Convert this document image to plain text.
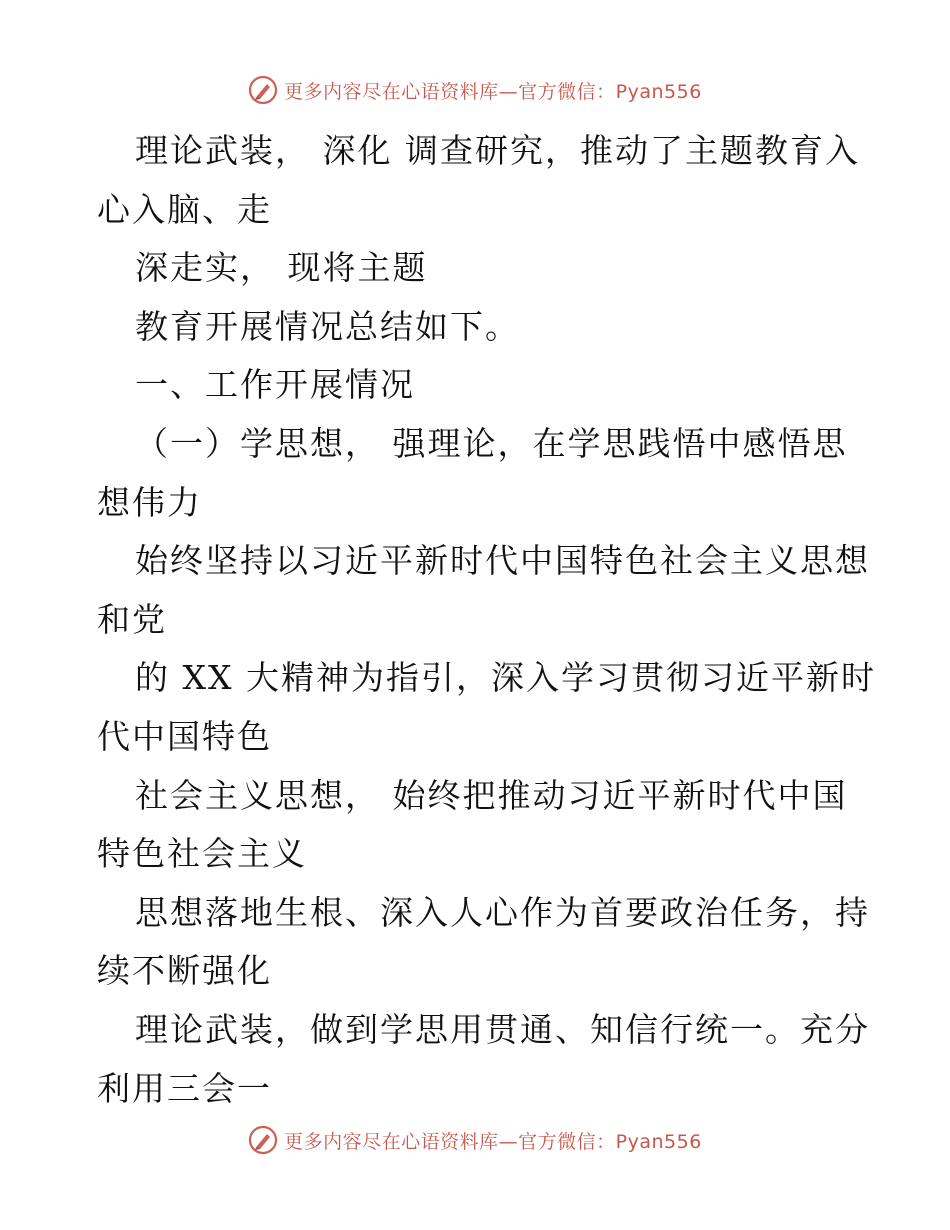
更多内容尽在心语资料库—官方微信：Pyan556
理论武装， 深化 调查研究，推动了主题教育入
心入脑、走
深走实， 现将主题
教育开展情况总结如下。
一、工作开展情况
（一）学思想， 强理论，在学思践悟中感悟思
想伟力
始终坚持以习近平新时代中国特色社会主义思想
和党
的 XX 大精神为指引，深入学习贯彻习近平新时
代中国特色
社会主义思想， 始终把推动习近平新时代中国
特色社会主义
思想落地生根、深入人心作为首要政治任务，持
续不断强化
理论武装，做到学思用贯通、知信行统一。充分
利用三会一
更多内容尽在心语资料库—官方微信：Pyan556
